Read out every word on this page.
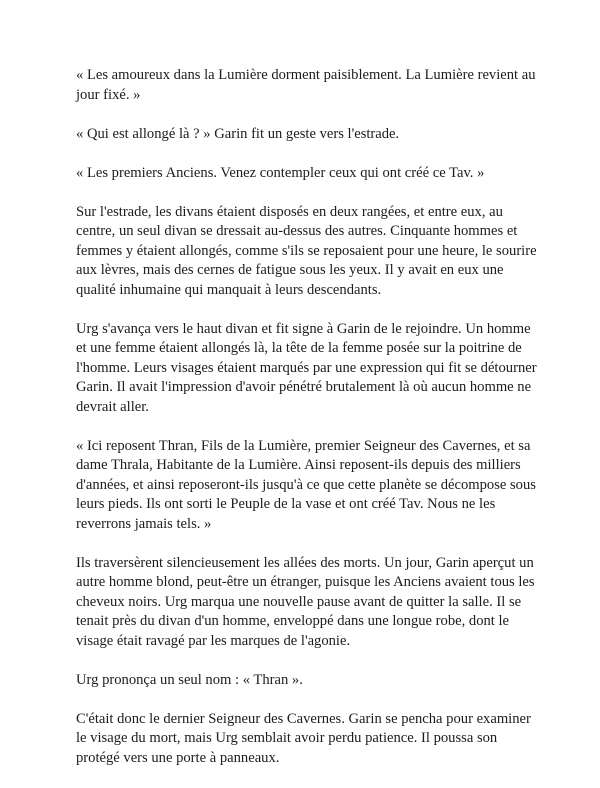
« Les amoureux dans la Lumière dorment paisiblement. La Lumière revient au jour fixé. »

« Qui est allongé là ? » Garin fit un geste vers l'estrade.

« Les premiers Anciens. Venez contempler ceux qui ont créé ce Tav. »

Sur l'estrade, les divans étaient disposés en deux rangées, et entre eux, au centre, un seul divan se dressait au-dessus des autres. Cinquante hommes et femmes y étaient allongés, comme s'ils se reposaient pour une heure, le sourire aux lèvres, mais des cernes de fatigue sous les yeux. Il y avait en eux une qualité inhumaine qui manquait à leurs descendants.

Urg s'avança vers le haut divan et fit signe à Garin de le rejoindre. Un homme et une femme étaient allongés là, la tête de la femme posée sur la poitrine de l'homme. Leurs visages étaient marqués par une expression qui fit se détourner Garin. Il avait l'impression d'avoir pénétré brutalement là où aucun homme ne devrait aller.

« Ici reposent Thran, Fils de la Lumière, premier Seigneur des Cavernes, et sa dame Thrala, Habitante de la Lumière. Ainsi reposent-ils depuis des milliers d'années, et ainsi reposeront-ils jusqu'à ce que cette planète se décompose sous leurs pieds. Ils ont sorti le Peuple de la vase et ont créé Tav. Nous ne les reverrons jamais tels. »

Ils traversèrent silencieusement les allées des morts. Un jour, Garin aperçut un autre homme blond, peut-être un étranger, puisque les Anciens avaient tous les cheveux noirs. Urg marqua une nouvelle pause avant de quitter la salle. Il se tenait près du divan d'un homme, enveloppé dans une longue robe, dont le visage était ravagé par les marques de l'agonie.

Urg prononça un seul nom : « Thran ».

C'était donc le dernier Seigneur des Cavernes. Garin se pencha pour examiner le visage du mort, mais Urg semblait avoir perdu patience. Il poussa son protégé vers une porte à panneaux.
